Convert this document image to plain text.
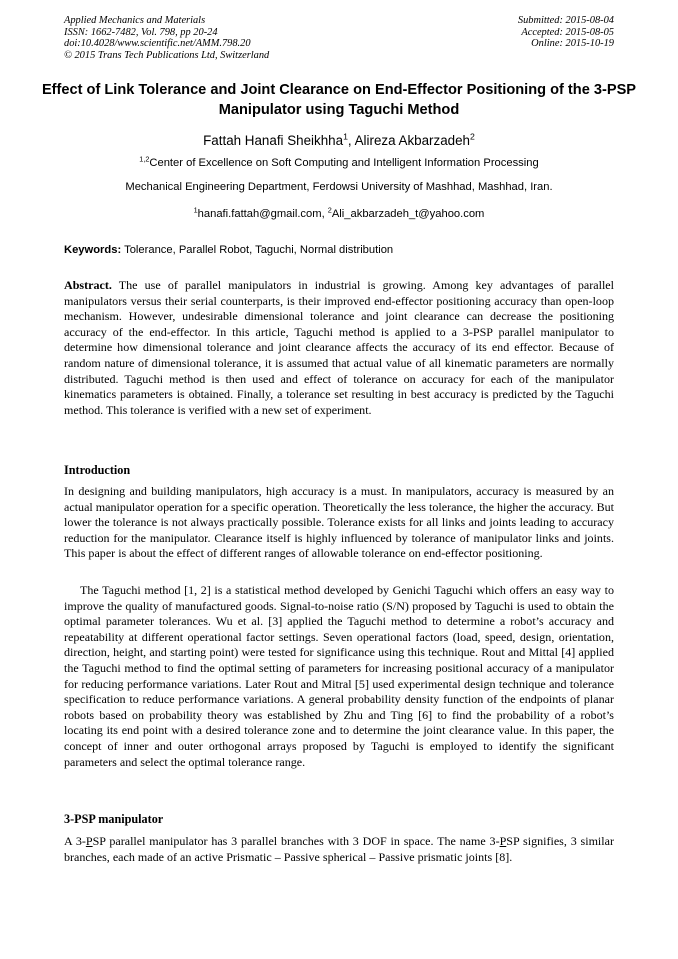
Applied Mechanics and Materials
ISSN: 1662-7482, Vol. 798, pp 20-24
doi:10.4028/www.scientific.net/AMM.798.20
© 2015 Trans Tech Publications Ltd, Switzerland
Submitted: 2015-08-04
Accepted: 2015-08-05
Online: 2015-10-19
Effect of Link Tolerance and Joint Clearance on End-Effector Positioning of the 3-PSP Manipulator using Taguchi Method
Fattah Hanafi Sheikhha$^1$, Alireza Akbarzadeh$^2$
$^{1,2}$Center of Excellence on Soft Computing and Intelligent Information Processing
Mechanical Engineering Department, Ferdowsi University of Mashhad, Mashhad, Iran.
$^1$hanafi.fattah@gmail.com, $^2$Ali_akbarzadeh_t@yahoo.com
Keywords: Tolerance, Parallel Robot, Taguchi, Normal distribution
Abstract. The use of parallel manipulators in industrial is growing. Among key advantages of parallel manipulators versus their serial counterparts, is their improved end-effector positioning accuracy than open-loop mechanism. However, undesirable dimensional tolerance and joint clearance can decrease the positioning accuracy of the end-effector. In this article, Taguchi method is applied to a 3-PSP parallel manipulator to determine how dimensional tolerance and joint clearance affects the accuracy of its end effector. Because of random nature of dimensional tolerance, it is assumed that actual value of all kinematic parameters are normally distributed. Taguchi method is then used and effect of tolerance on accuracy for each of the manipulator kinematics parameters is obtained. Finally, a tolerance set resulting in best accuracy is predicted by the Taguchi method. This tolerance is verified with a new set of experiment.
Introduction
In designing and building manipulators, high accuracy is a must. In manipulators, accuracy is measured by an actual manipulator operation for a specific operation. Theoretically the less tolerance, the higher the accuracy. But lower the tolerance is not always practically possible. Tolerance exists for all links and joints leading to accuracy reduction for the manipulator. Clearance itself is highly influenced by tolerance of manipulator links and joints. This paper is about the effect of different ranges of allowable tolerance on end-effector positioning.
The Taguchi method [1, 2] is a statistical method developed by Genichi Taguchi which offers an easy way to improve the quality of manufactured goods. Signal-to-noise ratio (S/N) proposed by Taguchi is used to obtain the optimal parameter tolerances. Wu et al. [3] applied the Taguchi method to determine a robot’s accuracy and repeatability at different operational factor settings. Seven operational factors (load, speed, design, orientation, direction, height, and starting point) were tested for significance using this technique. Rout and Mittal [4] applied the Taguchi method to find the optimal setting of parameters for increasing positional accuracy of a manipulator for reducing performance variations. Later Rout and Mitral [5] used experimental design technique and tolerance specification to reduce performance variations. A general probability density function of the endpoints of planar robots based on probability theory was established by Zhu and Ting [6] to find the probability of a robot’s locating its end point with a desired tolerance zone and to determine the joint clearance value. In this paper, the concept of inner and outer orthogonal arrays proposed by Taguchi is employed to identify the significant parameters and select the optimal tolerance range.
3-PSP manipulator
A 3-PSP parallel manipulator has 3 parallel branches with 3 DOF in space. The name 3-PSP signifies, 3 similar branches, each made of an active Prismatic – Passive spherical – Passive prismatic joints [8].
